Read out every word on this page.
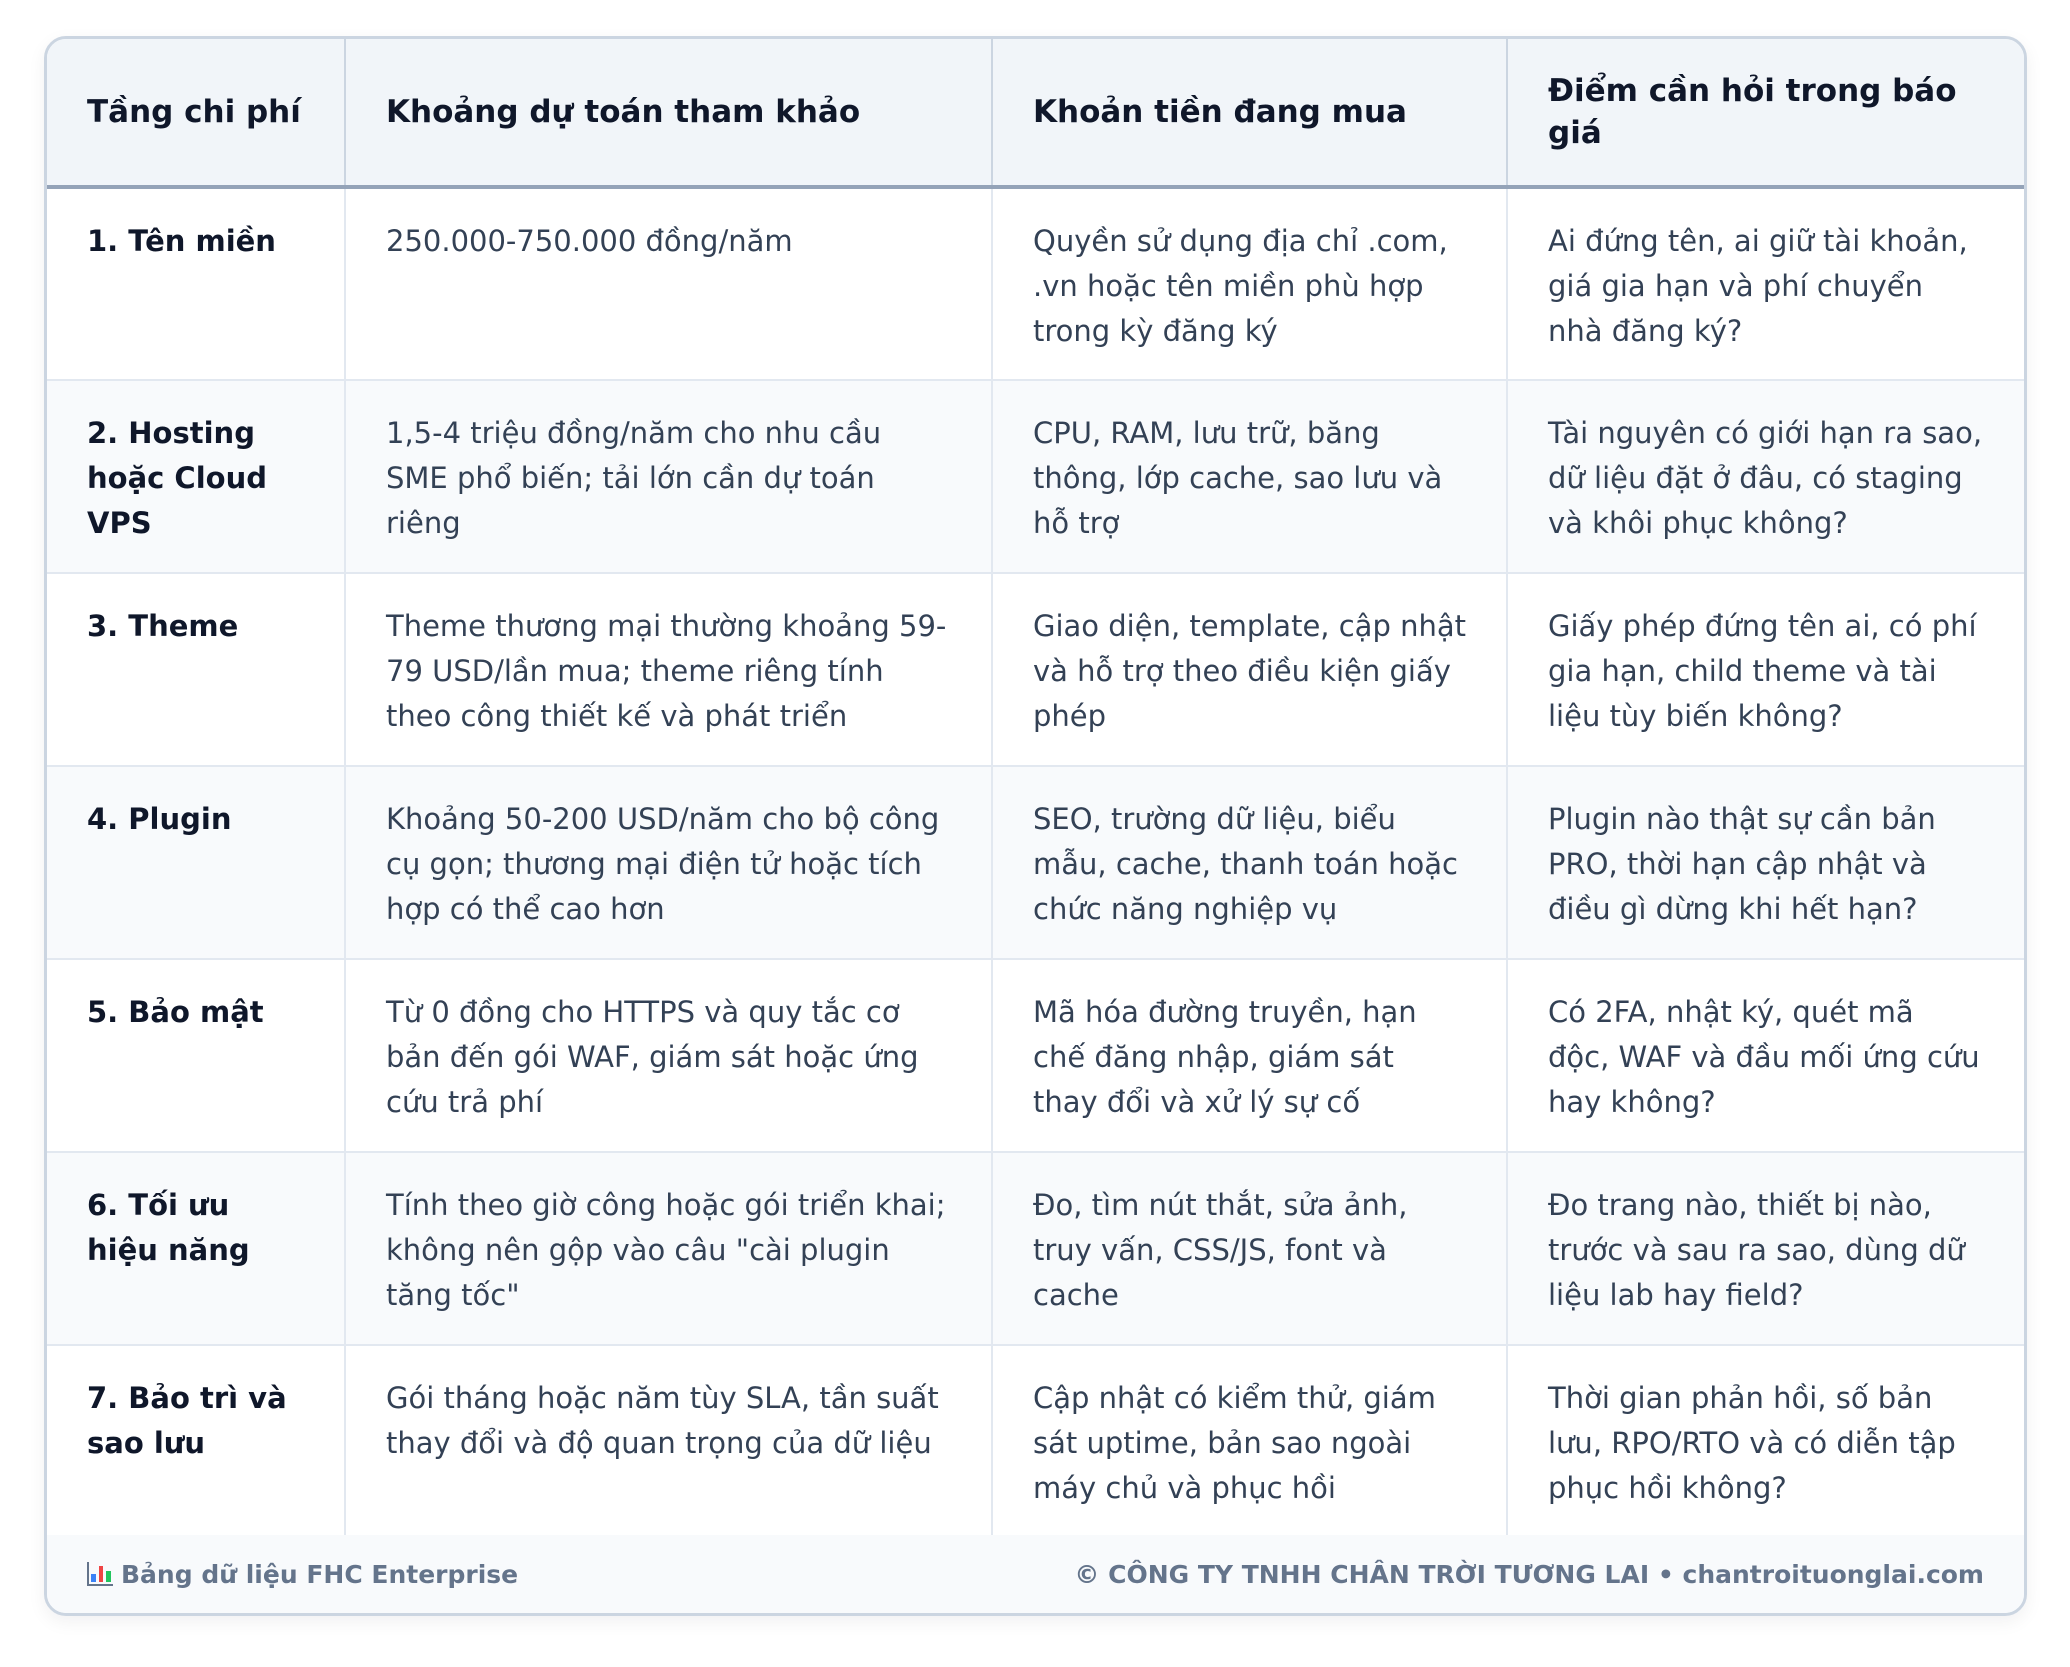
Tầng chi phí	Khoảng dự toán tham khảo	Khoản tiền đang mua	Điểm cần hỏi trong báo giá
1. Tên miền	250.000-750.000 đồng/năm	Quyền sử dụng địa chỉ .com, .vn hoặc tên miền phù hợp trong kỳ đăng ký	Ai đứng tên, ai giữ tài khoản, giá gia hạn và phí chuyển nhà đăng ký?
2. Hosting hoặc Cloud VPS	1,5-4 triệu đồng/năm cho nhu cầu SME phổ biến; tải lớn cần dự toán riêng	CPU, RAM, lưu trữ, băng thông, lớp cache, sao lưu và hỗ trợ	Tài nguyên có giới hạn ra sao, dữ liệu đặt ở đâu, có staging và khôi phục không?
3. Theme	Theme thương mại thường khoảng 59-79 USD/lần mua; theme riêng tính theo công thiết kế và phát triển	Giao diện, template, cập nhật và hỗ trợ theo điều kiện giấy phép	Giấy phép đứng tên ai, có phí gia hạn, child theme và tài liệu tùy biến không?
4. Plugin	Khoảng 50-200 USD/năm cho bộ công cụ gọn; thương mại điện tử hoặc tích hợp có thể cao hơn	SEO, trường dữ liệu, biểu mẫu, cache, thanh toán hoặc chức năng nghiệp vụ	Plugin nào thật sự cần bản PRO, thời hạn cập nhật và điều gì dừng khi hết hạn?
5. Bảo mật	Từ 0 đồng cho HTTPS và quy tắc cơ bản đến gói WAF, giám sát hoặc ứng cứu trả phí	Mã hóa đường truyền, hạn chế đăng nhập, giám sát thay đổi và xử lý sự cố	Có 2FA, nhật ký, quét mã độc, WAF và đầu mối ứng cứu hay không?
6. Tối ưu hiệu năng	Tính theo giờ công hoặc gói triển khai; không nên gộp vào câu "cài plugin tăng tốc"	Đo, tìm nút thắt, sửa ảnh, truy vấn, CSS/JS, font và cache	Đo trang nào, thiết bị nào, trước và sau ra sao, dùng dữ liệu lab hay field?
7. Bảo trì và sao lưu	Gói tháng hoặc năm tùy SLA, tần suất thay đổi và độ quan trọng của dữ liệu	Cập nhật có kiểm thử, giám sát uptime, bản sao ngoài máy chủ và phục hồi	Thời gian phản hồi, số bản lưu, RPO/RTO và có diễn tập phục hồi không?
Bảng dữ liệu FHC Enterprise	© CÔNG TY TNHH CHÂN TRỜI TƯƠNG LAI • chantroituonglai.com
